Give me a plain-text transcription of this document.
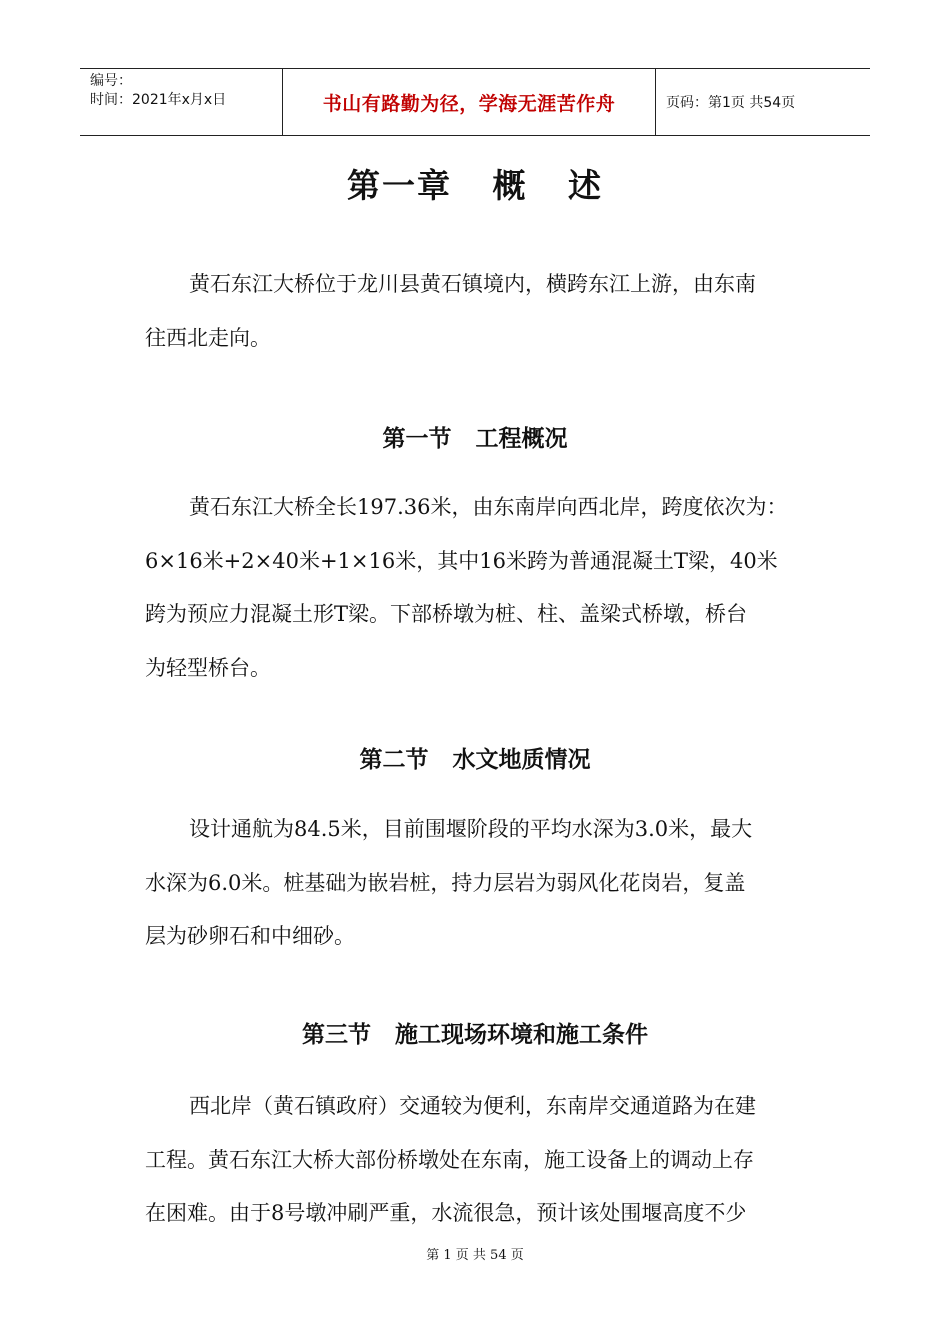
编号：
时间：2021年x月x日	书山有路勤为径，学海无涯苦作舟	页码：第1页 共54页
第一章   概   述
黄石东江大桥位于龙川县黄石镇境内，横跨东江上游，由东南
往西北走向。
第一节   工程概况
黄石东江大桥全长197.36米，由东南岸向西北岸，跨度依次为：
6×16米+2×40米+1×16米，其中16米跨为普通混凝土T梁，40米
跨为预应力混凝土形T梁。下部桥墩为桩、柱、盖梁式桥墩，桥台
为轻型桥台。
第二节   水文地质情况
设计通航为84.5米，目前围堰阶段的平均水深为3.0米，最大
水深为6.0米。桩基础为嵌岩桩，持力层岩为弱风化花岗岩，复盖
层为砂卵石和中细砂。
第三节   施工现场环境和施工条件
西北岸（黄石镇政府）交通较为便利，东南岸交通道路为在建
工程。黄石东江大桥大部份桥墩处在东南，施工设备上的调动上存
在困难。由于8号墩冲刷严重，水流很急，预计该处围堰高度不少
第 1 页 共 54 页
